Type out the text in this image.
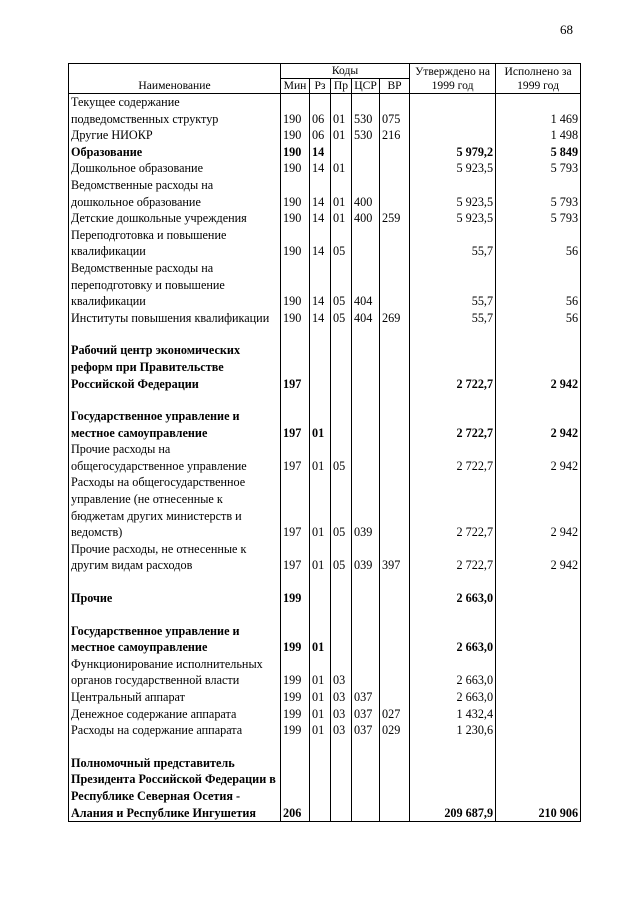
68
Наименование	Коды					Утверждено на 1999 год	Исполнено за 1999 год
	Мин	Рз	Пр	ЦСР	ВР		
Текущее содержание подведомственных структур	190	06	01	530	075		1 469
Другие НИОКР	190	06	01	530	216		1 498
Образование	190	14				5 979,2	5 849
Дошкольное образование	190	14	01			5 923,5	5 793
Ведомственные расходы на дошкольное образование	190	14	01	400		5 923,5	5 793
Детские дошкольные учреждения	190	14	01	400	259	5 923,5	5 793
Переподготовка и повышение квалификации	190	14	05			55,7	56
Ведомственные расходы на переподготовку и повышение квалификации	190	14	05	404		55,7	56
Институты повышения квалификации	190	14	05	404	269	55,7	56

Рабочий центр экономических реформ при Правительстве Российской Федерации	197					2 722,7	2 942

Государственное управление и местное самоуправление	197	01				2 722,7	2 942
Прочие расходы на общегосударственное управление	197	01	05			2 722,7	2 942
Расходы на общегосударственное управление (не отнесенные к бюджетам других министерств и ведомств)	197	01	05	039		2 722,7	2 942
Прочие расходы, не отнесенные к другим видам расходов	197	01	05	039	397	2 722,7	2 942

Прочие	199					2 663,0	

Государственное управление и местное самоуправление	199	01				2 663,0	
Функционирование исполнительных органов государственной власти	199	01	03			2 663,0	
Центральный аппарат	199	01	03	037		2 663,0	
Денежное содержание аппарата	199	01	03	037	027	1 432,4	
Расходы на содержание аппарата	199	01	03	037	029	1 230,6	

Полномочный представитель Президента Российской Федерации в Республике Северная Осетия - Алания и Республике Ингушетия	206					209 687,9	210 906
